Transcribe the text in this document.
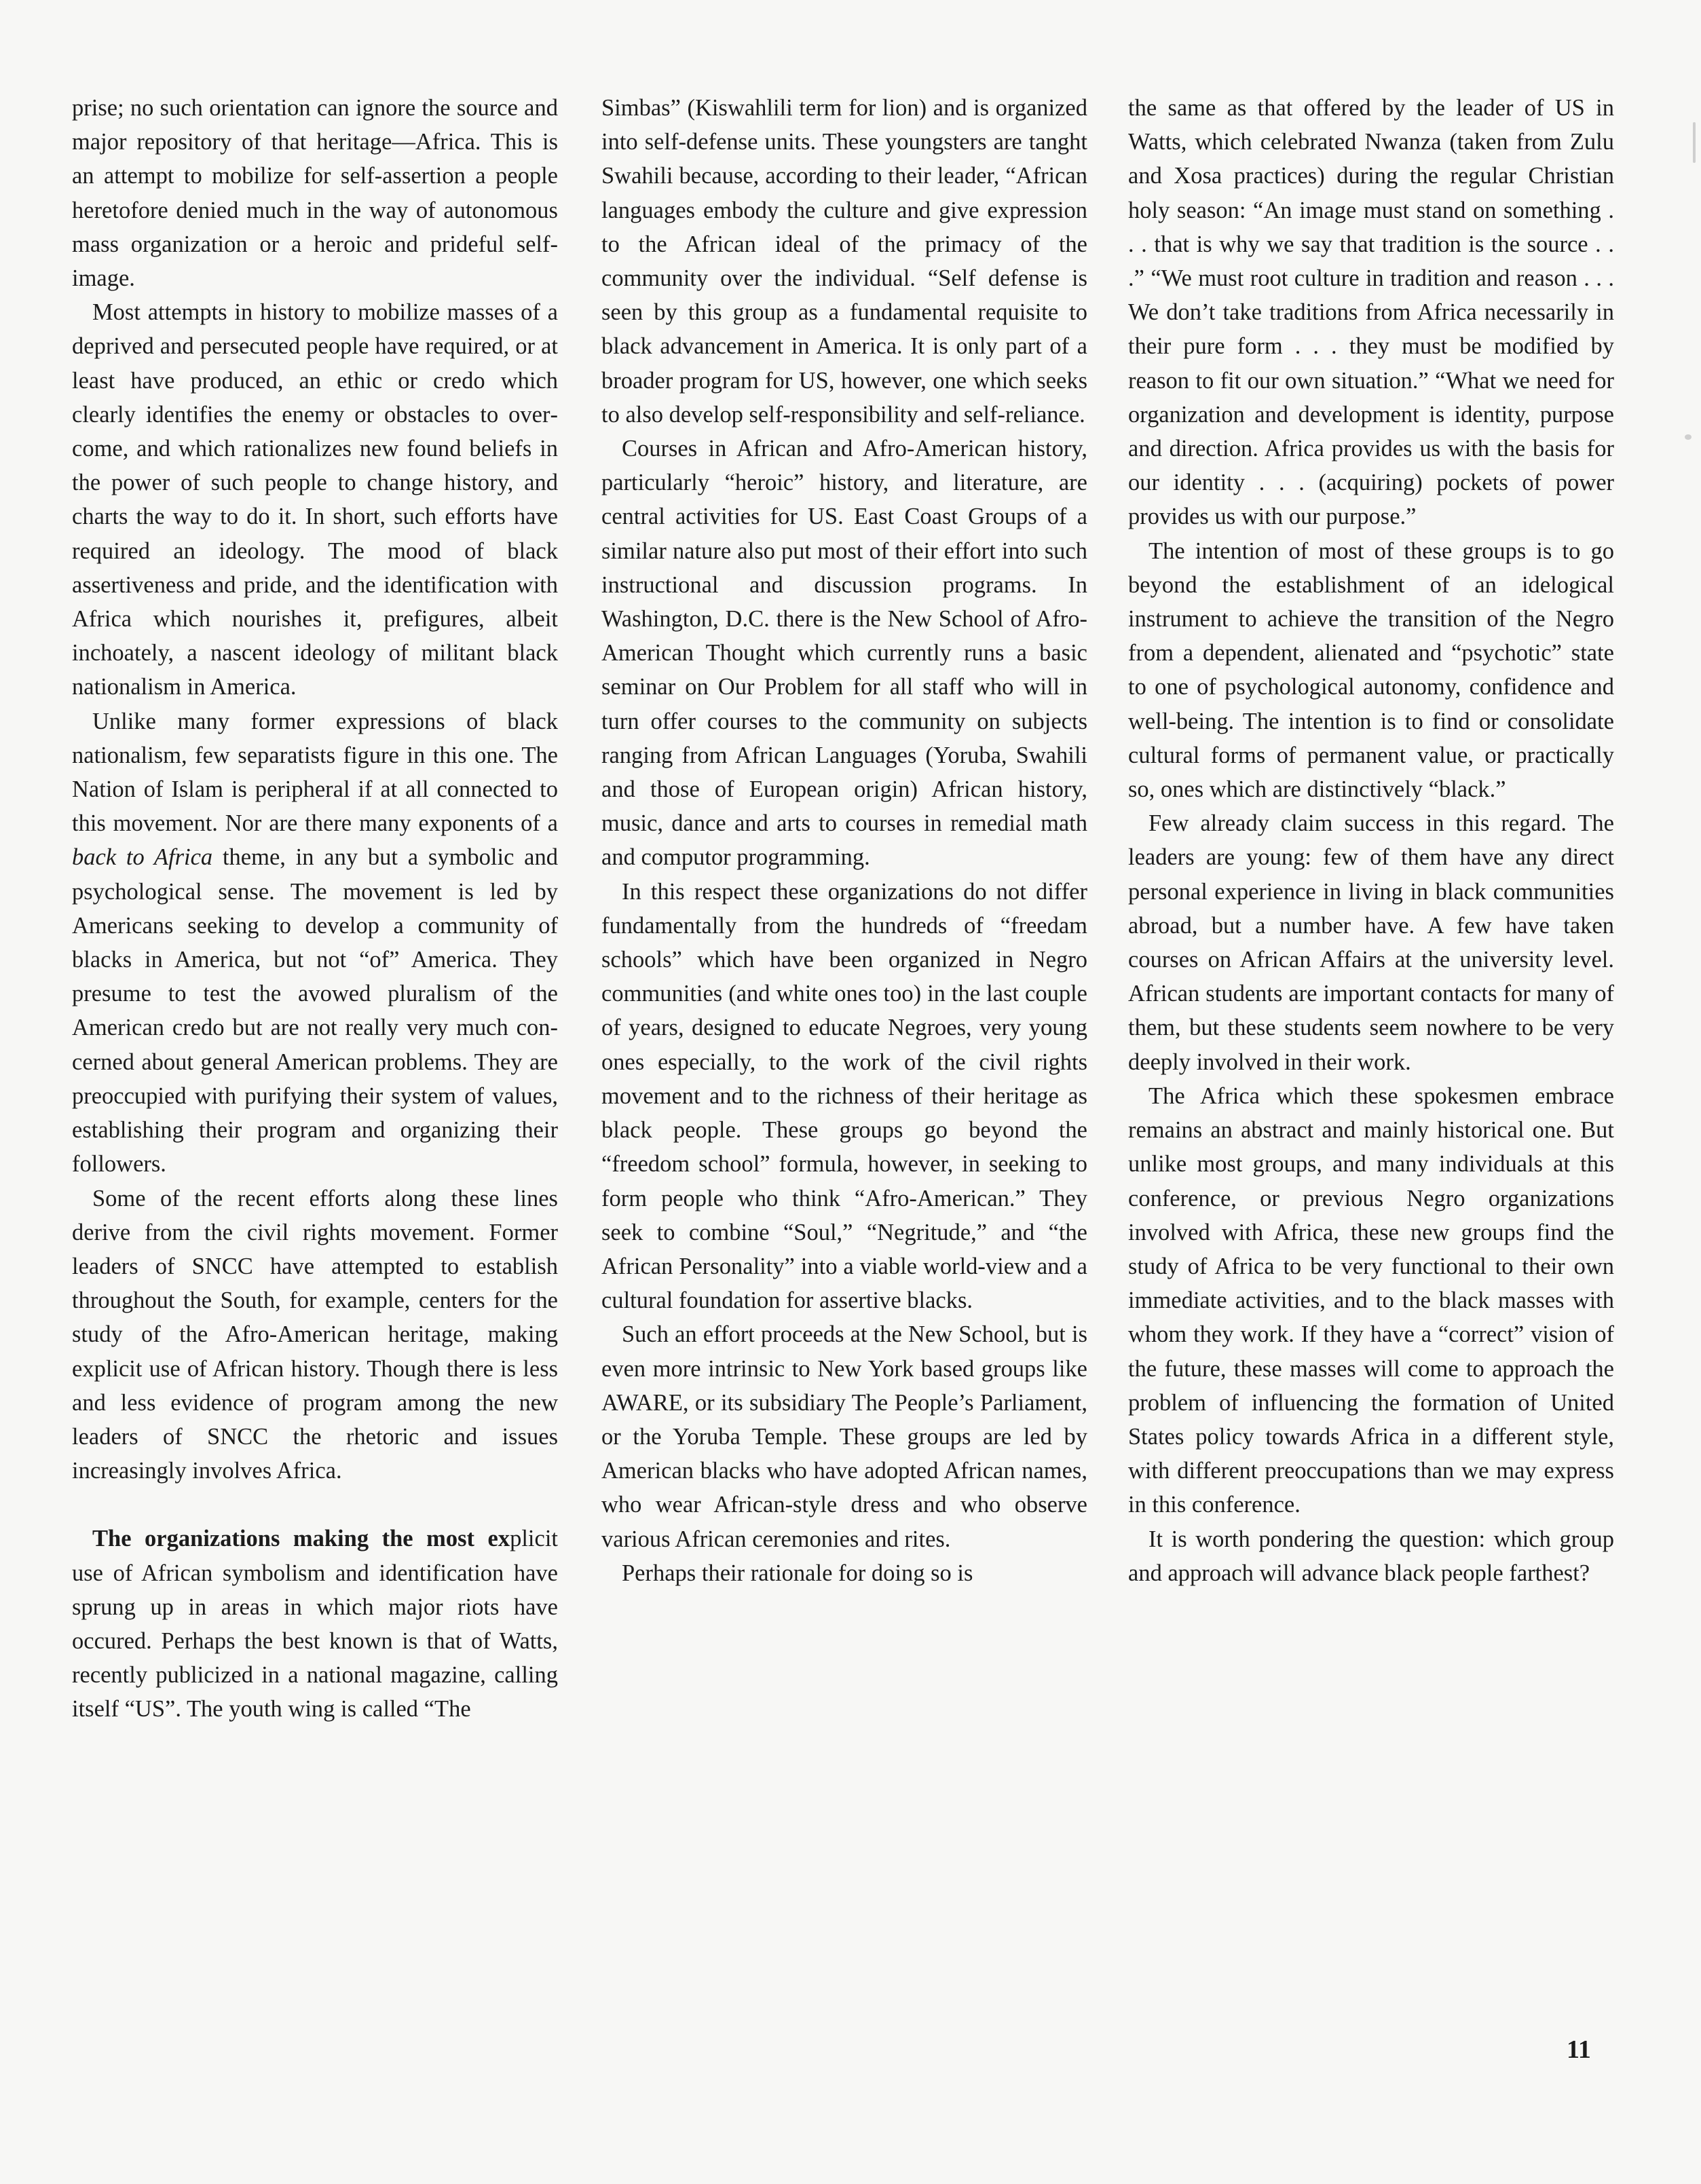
prise; no such orientation can ignore the source and major repository of that heritage—Africa. This is an attempt to mobilize for self-assertion a people heretofore denied much in the way of autonomous mass organization or a heroic and prideful self-image.

Most attempts in history to mobilize masses of a deprived and persecuted people have required, or at least have produced, an ethic or credo which clearly identifies the enemy or obstacles to overcome, and which rationalizes new found beliefs in the power of such people to change history, and charts the way to do it. In short, such efforts have required an ideology. The mood of black assertiveness and pride, and the identification with Africa which nourishes it, prefigures, albeit inchoately, a nascent ideology of militant black nationalism in America.

Unlike many former expressions of black nationalism, few separatists figure in this one. The Nation of Islam is peripheral if at all connected to this movement. Nor are there many exponents of a back to Africa theme, in any but a symbolic and psychological sense. The movement is led by Americans seeking to develop a community of blacks in America, but not “of” America. They presume to test the avowed pluralism of the American credo but are not really very much concerned about general American problems. They are preoccupied with purifying their system of values, establishing their program and organizing their followers.

Some of the recent efforts along these lines derive from the civil rights movement. Former leaders of SNCC have attempted to establish throughout the South, for example, centers for the study of the Afro-American heritage, making explicit use of African history. Though there is less and less evidence of program among the new leaders of SNCC the rhetoric and issues increasingly involves Africa.

The organizations making the most explicit use of African symbolism and identification have sprung up in areas in which major riots have occured. Perhaps the best known is that of Watts, recently publicized in a national magazine, calling itself “US”. The youth wing is called “The

Simbas” (Kiswahlili term for lion) and is organized into self-defense units. These youngsters are tanght Swahili because, according to their leader, “African languages embody the culture and give expression to the African ideal of the primacy of the community over the individual. “Self defense is seen by this group as a fundamental requisite to black advancement in America. It is only part of a broader program for US, however, one which seeks to also develop self-responsibility and self-reliance.

Courses in African and Afro-American history, particularly “heroic” history, and literature, are central activities for US. East Coast Groups of a similar nature also put most of their effort into such instructional and discussion programs. In Washington, D.C. there is the New School of Afro-American Thought which currently runs a basic seminar on Our Problem for all staff who will in turn offer courses to the community on subjects ranging from African Languages (Yoruba, Swahili and those of European origin) African history, music, dance and arts to courses in remedial math and computor programming.

In this respect these organizations do not differ fundamentally from the hundreds of “freedam schools” which have been organized in Negro communities (and white ones too) in the last couple of years, designed to educate Negroes, very young ones especially, to the work of the civil rights movement and to the richness of their heritage as black people. These groups go beyond the “freedom school” formula, however, in seeking to form people who think “Afro-American.” They seek to combine “Soul,” “Negritude,” and “the African Personality” into a viable world-view and a cultural foundation for assertive blacks.

Such an effort proceeds at the New School, but is even more intrinsic to New York based groups like AWARE, or its subsidiary The People’s Parliament, or the Yoruba Temple. These groups are led by American blacks who have adopted African names, who wear African-style dress and who observe various African ceremonies and rites.

Perhaps their rationale for doing so is

the same as that offered by the leader of US in Watts, which celebrated Nwanza (taken from Zulu and Xosa practices) during the regular Christian holy season: “An image must stand on something . . . that is why we say that tradition is the source . . .” “We must root culture in tradition and reason . . . We don’t take traditions from Africa necessarily in their pure form . . . they must be modified by reason to fit our own situation.” “What we need for organization and development is identity, purpose and direction. Africa provides us with the basis for our identity . . . (acquiring) pockets of power provides us with our purpose.”

The intention of most of these groups is to go beyond the establishment of an idelogical instrument to achieve the transition of the Negro from a dependent, alienated and “psychotic” state to one of psychological autonomy, confidence and well-being. The intention is to find or consolidate cultural forms of permanent value, or practically so, ones which are distinctively “black.”

Few already claim success in this regard. The leaders are young: few of them have any direct personal experience in living in black communities abroad, but a number have. A few have taken courses on African Affairs at the university level. African students are important contacts for many of them, but these students seem nowhere to be very deeply involved in their work.

The Africa which these spokesmen embrace remains an abstract and mainly historical one. But unlike most groups, and many individuals at this conference, or previous Negro organizations involved with Africa, these new groups find the study of Africa to be very functional to their own immediate activities, and to the black masses with whom they work. If they have a “correct” vision of the future, these masses will come to approach the problem of influencing the formation of United States policy towards Africa in a different style, with different preoccupations than we may express in this conference.

It is worth pondering the question: which group and approach will advance black people farthest?

11
